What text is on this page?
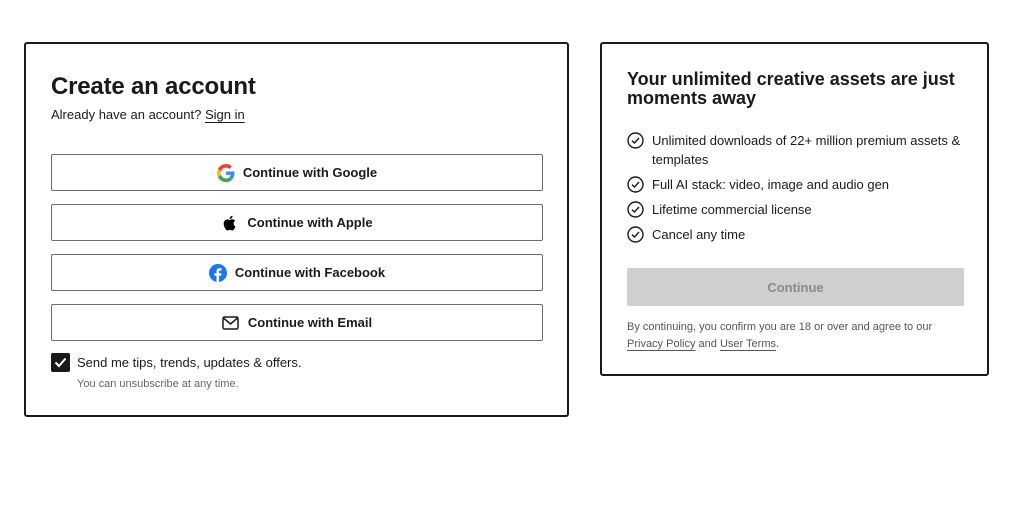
Create an account

Already have an account? Sign in

Continue with Google
Continue with Apple
Continue with Facebook
Continue with Email
Send me tips, trends, updates & offers.
You can unsubscribe at any time.
Your unlimited creative assets are just moments away
Unlimited downloads of 22+ million premium assets & templates
Full AI stack: video, image and audio gen
Lifetime commercial license
Cancel any time
Continue

By continuing, you confirm you are 18 or over and agree to our Privacy Policy and User Terms.
